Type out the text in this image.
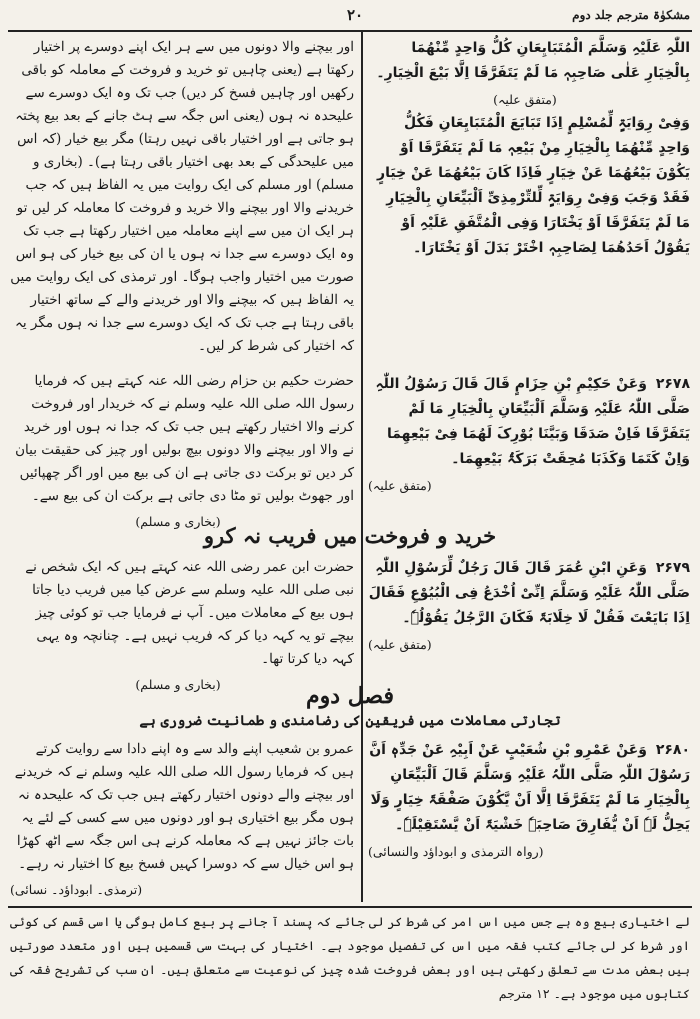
٢٠	مشکوٰۃ مترجم جلد دوم
اللّٰہِ عَلَیْہِ وَسَلَّمَ الْمُتَبَایِعَانِ کُلُّ وَاحِدٍ مِّنْھُمَا بِالْخِیَارِ عَلٰی صَاحِبِہٖ مَا لَمْ یَتَفَرَّقَا اِلَّا بَیْعَ الْخِیَارِ۔
(متفق علیہ)
وَفِیْ رِوَایَۃٍ لِّمُسْلِمٍ اِذَا تَبَایَعَ الْمُتَبَایِعَانِ فَکُلُّ وَاحِدٍ مِّنْھُمَا بِالْخِیَارِ مِنْ بَیْعِہٖ مَا لَمْ یَتَفَرَّقَا اَوْ یَکُوْنَ بَیْعُھُمَا عَنْ خِیَارٍ فَاِذَا کَانَ بَیْعُھُمَا عَنْ خِیَارٍ فَقَدْ وَجَبَ وَفِیْ رِوَایَۃٍ لِّلتِّرْمِذِیِّ اَلْبَیِّعَانِ بِالْخِیَارِ مَا لَمْ یَتَفَرَّقَا اَوْ یَخْتَارَا وَفِی الْمُتَّفَقِ عَلَیْہِ اَوْ یَقُوْلُ اَحَدُھُمَا لِصَاحِبِہٖ اخْتَرْ بَدَلَ اَوْ یَخْتَارَا۔
۲۶۷۸ وَعَنْ حَکِیْمِ بْنِ حِزَامٍ قَالَ قَالَ رَسُوْلُ اللّٰہِ صَلَّی اللّٰہُ عَلَیْہِ وَسَلَّمَ اَلْبَیِّعَانِ بِالْخِیَارِ مَا لَمْ یَتَفَرَّقَا فَاِنْ صَدَقَا وَبَیَّنَا بُوْرِکَ لَھُمَا فِیْ بَیْعِھِمَا وَاِنْ کَتَمَا وَکَذَبَا مُحِقَتْ بَرَکَۃُ بَیْعِھِمَا۔
(متفق علیہ)
۲۶۷۹ وَعَنِ ابْنِ عُمَرَ قَالَ قَالَ رَجُلٌ لِّرَسُوْلِ اللّٰہِ صَلَّی اللّٰہُ عَلَیْہِ وَسَلَّمَ اِنِّیْ اُخْدَعُ فِی الْبُیُوْعِ فَقَالَ اِذَا بَایَعْتَ فَقُلْ لَا خِلَابَۃَ فَکَانَ الرَّجُلُ یَقُوْلُہٗ۔
(متفق علیہ)
۲۶۸۰ وَعَنْ عَمْرِو بْنِ شُعَیْبٍ عَنْ اَبِیْہِ عَنْ جَدِّہٖ اَنَّ رَسُوْلَ اللّٰہِ صَلَّی اللّٰہُ عَلَیْہِ وَسَلَّمَ قَالَ اَلْبَیِّعَانِ بِالْخِیَارِ مَا لَمْ یَتَفَرَّقَا اِلَّا اَنْ یَّکُوْنَ صَفْقَۃَ خِیَارٍ وَلَا یَحِلُّ لَہٗ اَنْ یُّفَارِقَ صَاحِبَہٗ خَشْیَۃَ اَنْ یَّسْتَقِیْلَہٗ۔
(رواہ الترمذی و ابوداؤد والنسائی)
اور بیچنے والا دونوں میں سے ہر ایک اپنے دوسرے پر اختیار رکھتا ہے (یعنی چاہیں تو خرید و فروخت کے معاملہ کو باقی رکھیں اور چاہیں فسخ کر دیں) جب تک وہ ایک دوسرے سے علیحدہ نہ ہوں (یعنی اس جگہ سے ہٹ جانے کے بعد بیع پختہ ہو جاتی ہے اور اختیار باقی نہیں رہتا) مگر بیع خیار (کہ اس میں علیحدگی کے بعد بھی اختیار باقی رہتا ہے)۔ (بخاری و مسلم) اور مسلم کی ایک روایت میں یہ الفاظ ہیں کہ جب خریدنے والا اور بیچنے والا خرید و فروخت کا معاملہ کر لیں تو ہر ایک ان میں سے اپنے معاملہ میں اختیار رکھتا ہے جب تک وہ ایک دوسرے سے جدا نہ ہوں یا ان کی بیع خیار کی ہو اس صورت میں اختیار واجب ہوگا۔ اور ترمذی کی ایک روایت میں یہ الفاظ ہیں کہ بیچنے والا اور خریدنے والے کے ساتھ اختیار باقی رہتا ہے جب تک کہ ایک دوسرے سے جدا نہ ہوں مگر یہ کہ اختیار کی شرط کر لیں۔
حضرت حکیم بن حزام رضی اللہ عنہ کہتے ہیں کہ فرمایا رسول اللہ صلی اللہ علیہ وسلم نے کہ خریدار اور فروخت کرنے والا اختیار رکھتے ہیں جب تک کہ جدا نہ ہوں اور خرید نے والا اور بیچنے والا دونوں بیچ بولیں اور چیز کی حقیقت بیان کر دیں تو برکت دی جاتی ہے ان کی بیع میں اور اگر چھپائیں اور جھوٹ بولیں تو مٹا دی جاتی ہے برکت ان کی بیع سے۔
(بخاری و مسلم)
خرید و فروخت میں فریب نہ کرو
حضرت ابن عمر رضی اللہ عنہ کہتے ہیں کہ ایک شخص نے نبی صلی اللہ علیہ وسلم سے عرض کیا میں فریب دیا جاتا ہوں بیع کے معاملات میں۔ آپ نے فرمایا جب تو کوئی چیز بیچے تو یہ کہہ دیا کر کہ فریب نہیں ہے۔ چنانچہ وہ یہی کہہ دیا کرتا تھا۔
(بخاری و مسلم)	فصل دوم
تجارتی معاملات میں فریقین کی رضامندی و طمانیت ضروری ہے
عمرو بن شعیب اپنے والد سے وہ اپنے دادا سے روایت کرتے ہیں کہ فرمایا رسول اللہ صلی اللہ علیہ وسلم نے کہ خریدنے اور بیچنے والے دونوں اختیار رکھتے ہیں جب تک کہ علیحدہ نہ ہوں مگر بیع اختیاری ہو اور دونوں میں سے کسی کے لئے یہ بات جائز نہیں ہے کہ معاملہ کرنے ہی اس جگہ سے اٹھ کھڑا ہو اس خیال سے کہ دوسرا کہیں فسخ بیع کا اختیار نہ رہے۔
(ترمذی۔ ابوداؤد۔ نسائی)
لے اختیاری بیع وہ ہے جس میں اس امر کی شرط کر لی جائے کہ پسند آ جانے پر بیع کامل ہوگی یا اسی قسم کی کوئی اور شرط کر لی جائے کتب فقہ میں اس کی تفصیل موجود ہے۔ اختیار کی بہت سی قسمیں ہیں اور متعدد صورتیں ہیں بعض مدت سے تعلق رکھتی ہیں اور بعض فروخت شدہ چیز کی نوعیت سے متعلق ہیں۔ ان سب کی تشریح فقہ کی کتابوں میں موجود ہے۔ ۱۲ مترجم
